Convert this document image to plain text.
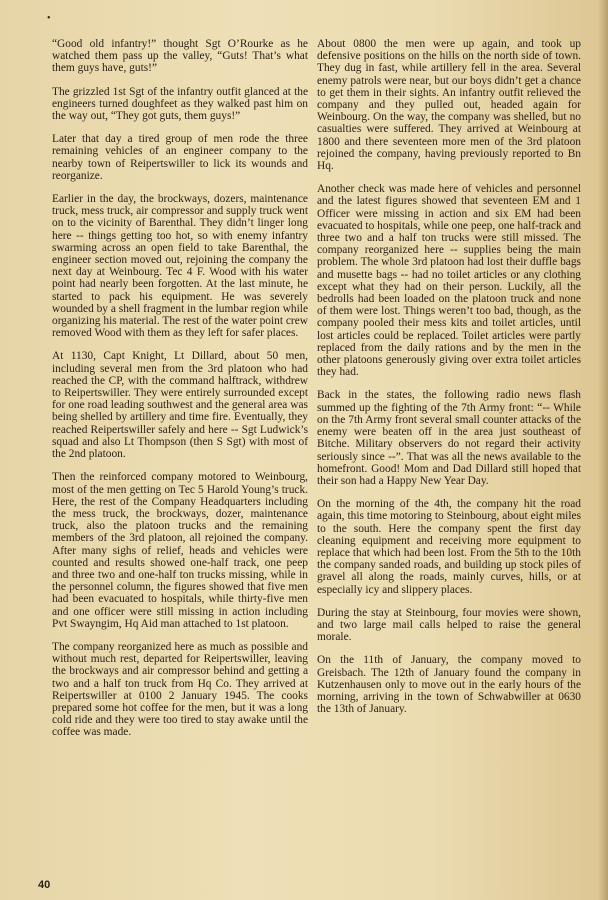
•

“Good old infantry!” thought Sgt O’Rourke as he watched them pass up the valley, “Guts! That’s what them guys have, guts!”

The grizzled 1st Sgt of the infantry outfit glanced at the engineers turned doughfeet as they walked past him on the way out, “They got guts, them guys!”

Later that day a tired group of men rode the three remaining vehicles of an engineer company to the nearby town of Reipertswiller to lick its wounds and reorganize.

Earlier in the day, the brockways, dozers, maintenance truck, mess truck, air compressor and supply truck went on to the vicinity of Barenthal. They didn’t linger long here -- things getting too hot, so with enemy infantry swarming across an open field to take Barenthal, the engineer section moved out, rejoining the company the next day at Weinbourg. Tec 4 F. Wood with his water point had nearly been forgotten. At the last minute, he started to pack his equipment. He was severely wounded by a shell fragment in the lumbar region while organizing his material. The rest of the water point crew removed Wood with them as they left for safer places.

At 1130, Capt Knight, Lt Dillard, about 50 men, including several men from the 3rd platoon who had reached the CP, with the command halftrack, withdrew to Reipertswiller. They were entirely surrounded except for one road leading southwest and the general area was being shelled by artillery and time fire. Eventually, they reached Reipertswiller safely and here -- Sgt Ludwick’s squad and also Lt Thompson (then S Sgt) with most of the 2nd platoon.

Then the reinforced company motored to Weinbourg, most of the men getting on Tec 5 Harold Young’s truck. Here, the rest of the Company Headquarters including the mess truck, the brockways, dozer, maintenance truck, also the platoon trucks and the remaining members of the 3rd platoon, all rejoined the company. After many sighs of relief, heads and vehicles were counted and results showed one-half track, one peep and three two and one-half ton trucks missing, while in the personnel column, the figures showed that five men had been evacuated to hospitals, while thirty-five men and one officer were still missing in action including Pvt Swayngim, Hq Aid man attached to 1st platoon.

The company reorganized here as much as possible and without much rest, departed for Reipertswiller, leaving the brockways and air compressor behind and getting a two and a half ton truck from Hq Co. They arrived at Reipertswiller at 0100 2 January 1945. The cooks prepared some hot coffee for the men, but it was a long cold ride and they were too tired to stay awake until the coffee was made.

About 0800 the men were up again, and took up defensive positions on the hills on the north side of town. They dug in fast, while artillery fell in the area. Several enemy patrols were near, but our boys didn’t get a chance to get them in their sights. An infantry outfit relieved the company and they pulled out, headed again for Weinbourg. On the way, the company was shelled, but no casualties were suffered. They arrived at Weinbourg at 1800 and there seventeen more men of the 3rd platoon rejoined the company, having previously reported to Bn Hq.

Another check was made here of vehicles and personnel and the latest figures showed that seventeen EM and 1 Officer were missing in action and six EM had been evacuated to hospitals, while one peep, one half-track and three two and a half ton trucks were still missed. The company reorganized here -- supplies being the main problem. The whole 3rd platoon had lost their duffle bags and musette bags -- had no toilet articles or any clothing except what they had on their person. Luckily, all the bedrolls had been loaded on the platoon truck and none of them were lost. Things weren’t too bad, though, as the company pooled their mess kits and toilet articles, until lost articles could be replaced. Toilet articles were partly replaced from the daily rations and by the men in the other platoons generously giving over extra toilet articles they had.

Back in the states, the following radio news flash summed up the fighting of the 7th Army front: “-- While on the 7th Army front several small counter attacks of the enemy were beaten off in the area just southeast of Bitche. Military observers do not regard their activity seriously since --”. That was all the news available to the homefront. Good! Mom and Dad Dillard still hoped that their son had a Happy New Year Day.

On the morning of the 4th, the company hit the road again, this time motoring to Steinbourg, about eight miles to the south. Here the company spent the first day cleaning equipment and receiving more equipment to replace that which had been lost. From the 5th to the 10th the company sanded roads, and building up stock piles of gravel all along the roads, mainly curves, hills, or at especially icy and slippery places.

During the stay at Steinbourg, four movies were shown, and two large mail calls helped to raise the general morale.

On the 11th of January, the company moved to Greisbach. The 12th of January found the company in Kutzenhausen only to move out in the early hours of the morning, arriving in the town of Schwabwiller at 0630 the 13th of January.

40
